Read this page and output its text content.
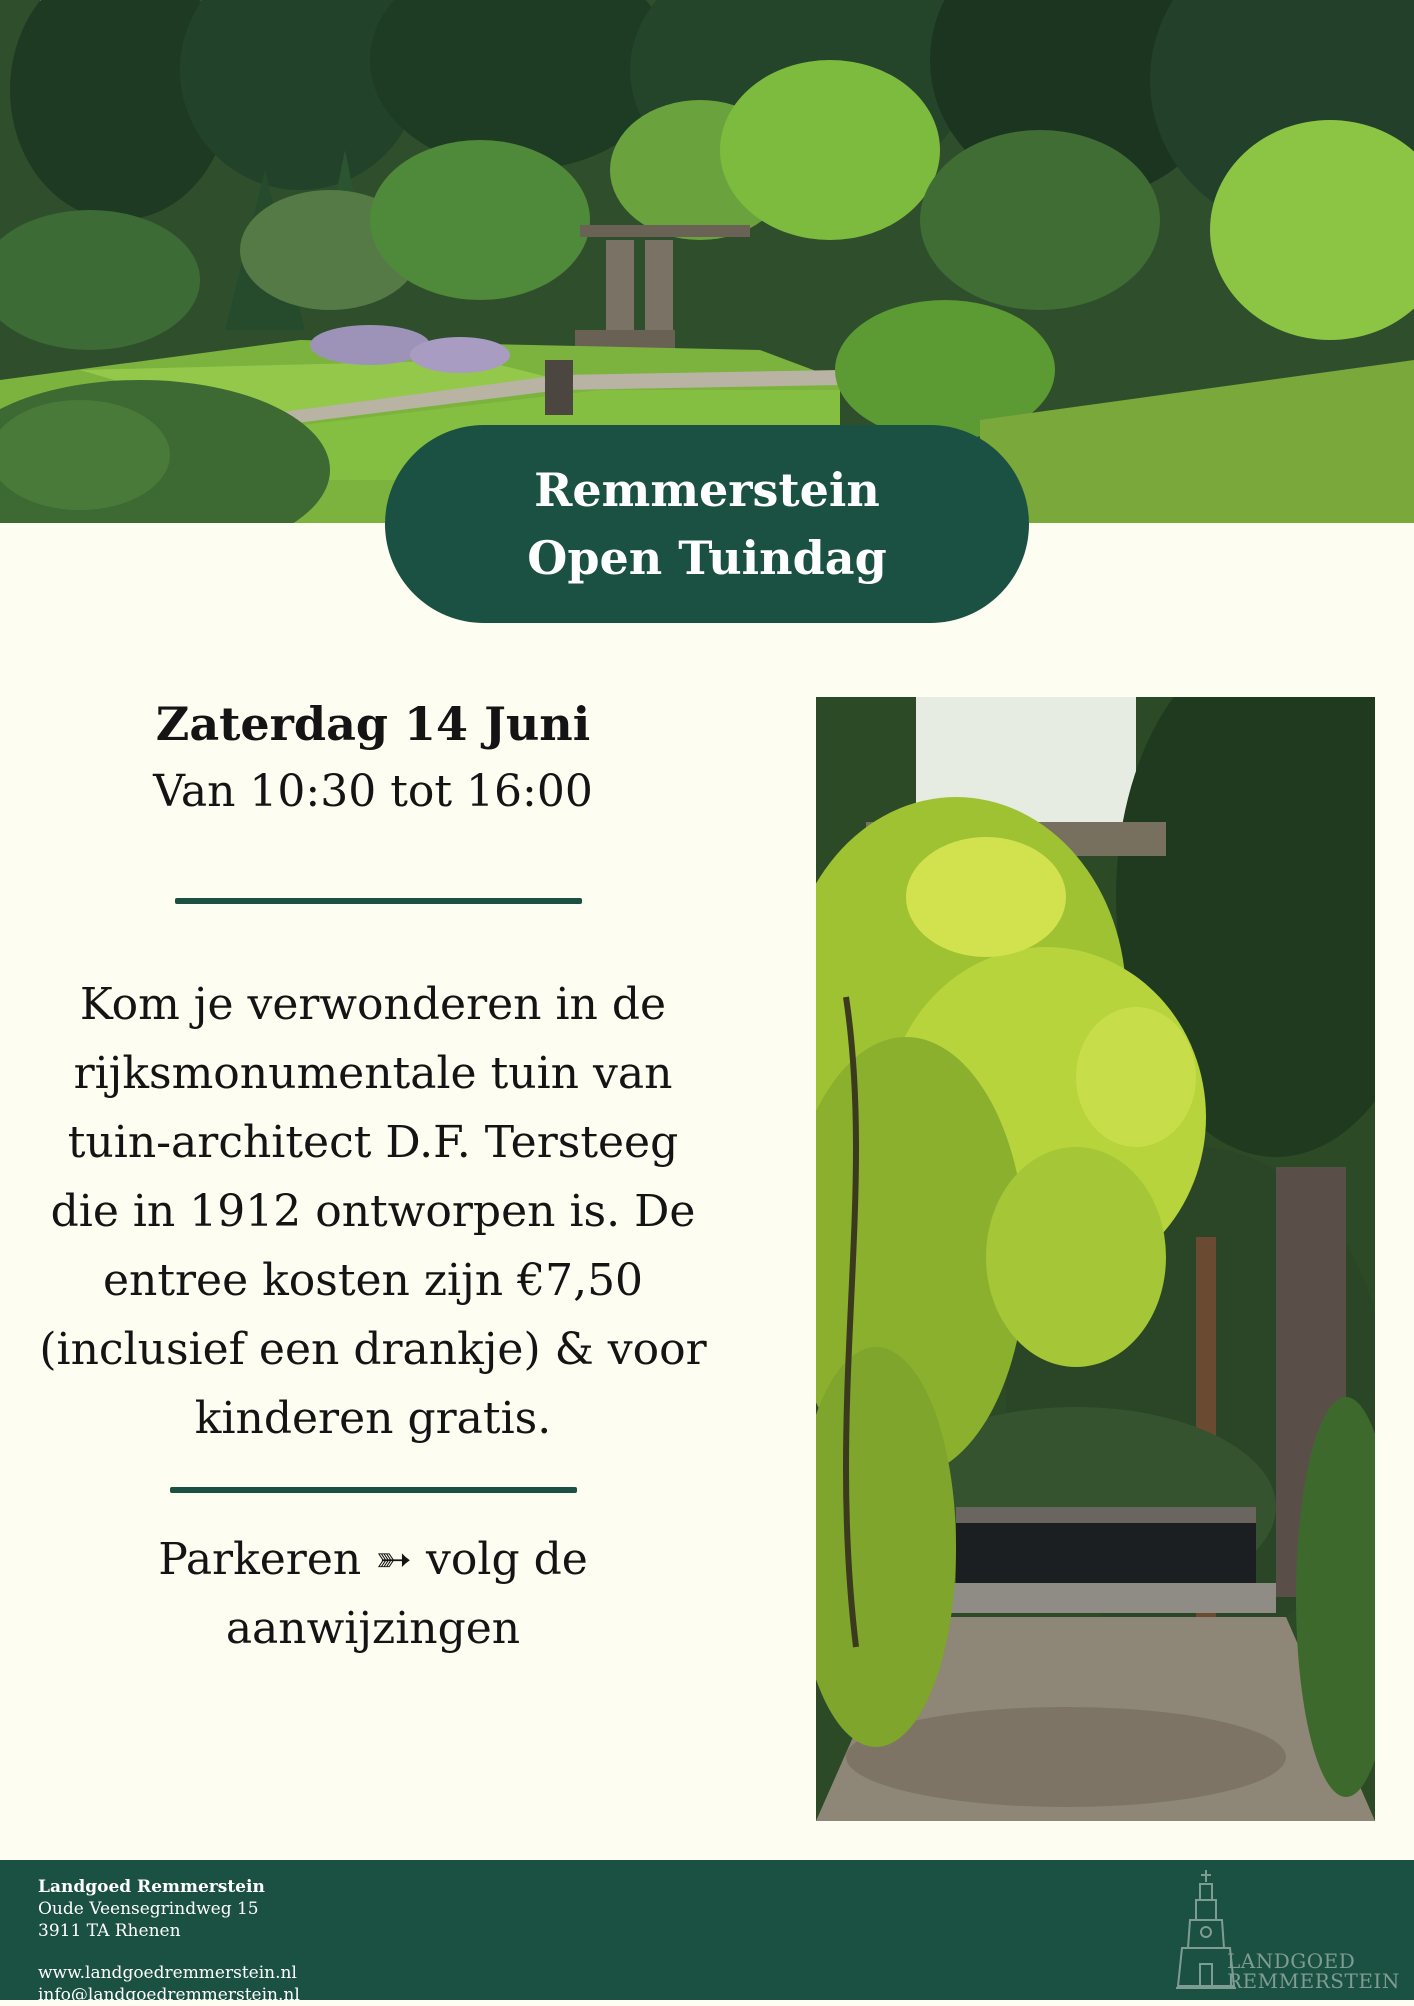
Remmerstein
Open Tuindag

Zaterdag 14 Juni

Van 10:30 tot 16:00

Kom je verwonderen in de rijksmonumentale tuin van tuin-architect D.F. Tersteeg die in 1912 ontworpen is. De entree kosten zijn €7,50 (inclusief een drankje) & voor kinderen gratis.

Parkeren ➳ volg de aanwijzingen

Landgoed Remmerstein
Oude Veensegrindweg 15
3911 TA Rhenen
www.landgoedremmerstein.nl
info@landgoedremmerstein.nl
LANDGOED
REMMERSTEIN
